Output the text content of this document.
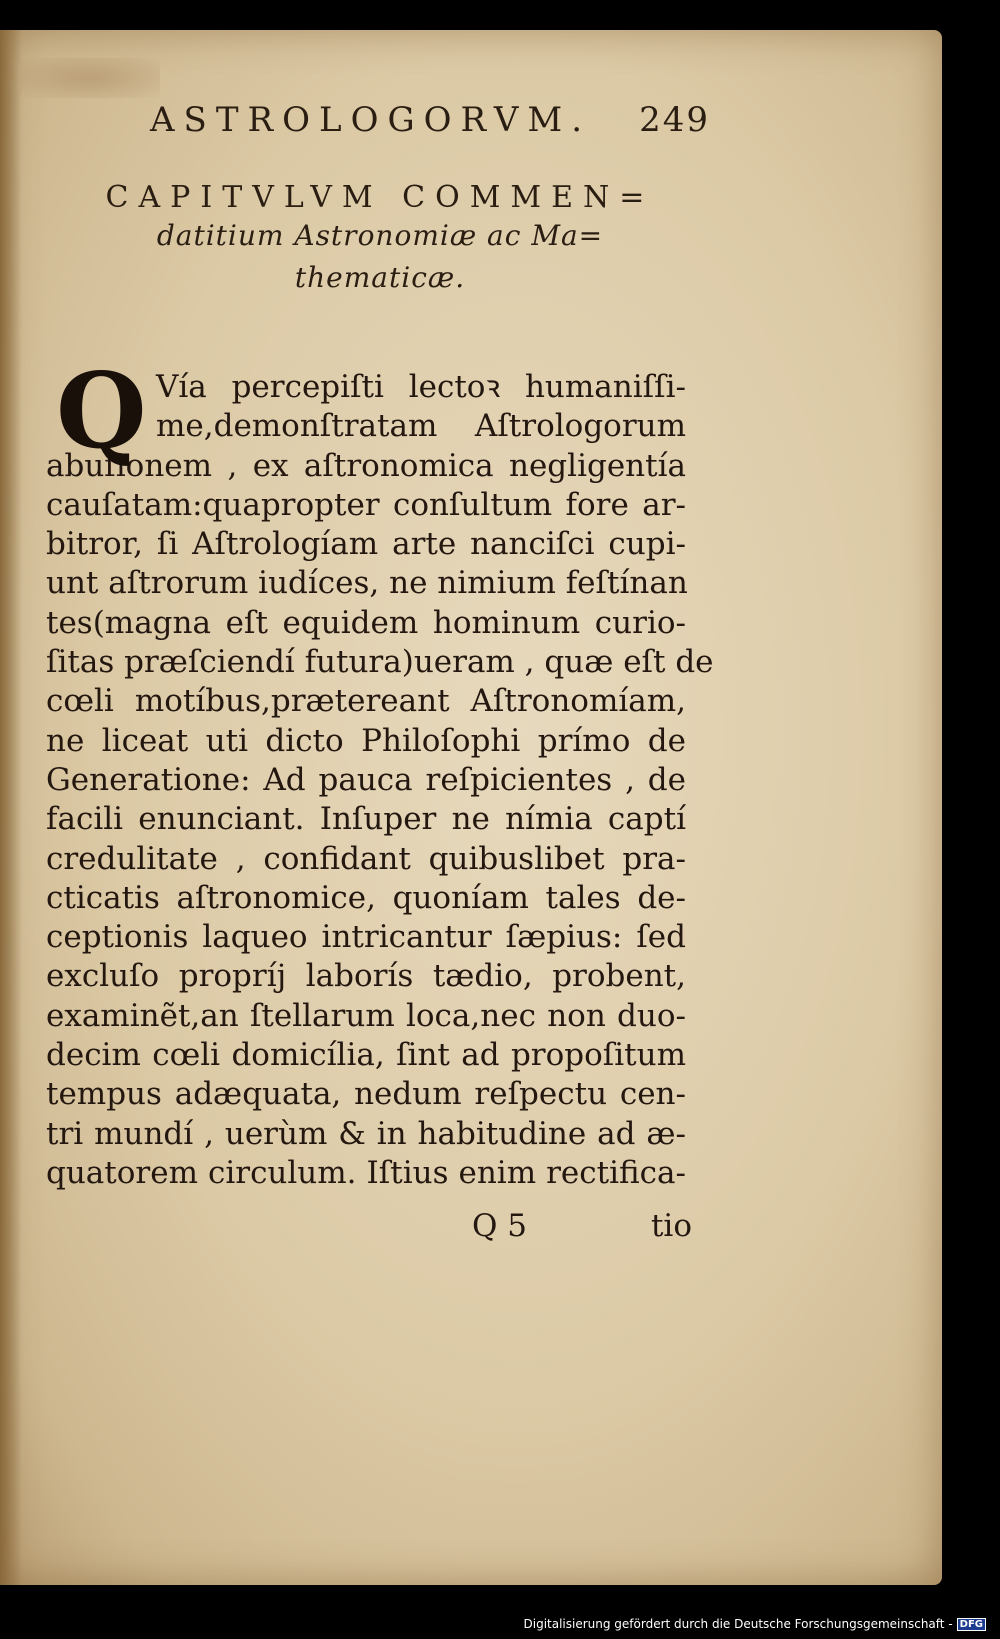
ASTROLOGORVM. 249
CAPITVLVM COMMEN=
datitium Astronomiæ ac Ma=
thematicæ.
Q Vía percepiſti lectoꝛ humaniſſi-
me,demonſtratam Aſtrologorum
abuſionem , ex aſtronomica negligentía
cauſatam:quapropter conſultum fore ar-
bitror, ſi Aſtrologíam arte nanciſci cupi-
unt aſtrorum iudíces, ne nimium feſtínan
tes(magna eſt equidem hominum curio-
ſitas præſciendí futura)ueram , quæ eſt de
cœli motíbus,prætereant Aſtronomíam,
ne liceat uti dicto Philoſophi prímo de
Generatione: Ad pauca reſpicientes , de
facili enunciant. Inſuper ne nímia captí
credulitate , confidant quibuslibet pra-
cticatis aſtronomice, quoníam tales de-
ceptionis laqueo intricantur ſæpius: ſed
excluſo propríj laborís tædio, probent,
examinẽt,an ſtellarum loca,nec non duo-
decim cœli domicília, ſint ad propoſitum
tempus adæquata, nedum reſpectu cen-
tri mundí , uerùm & in habitudine ad æ-
quatorem circulum. Iſtius enim rectifica-
Q 5	tio
Digitalisierung gefördert durch die Deutsche Forschungsgemeinschaft - DFG
